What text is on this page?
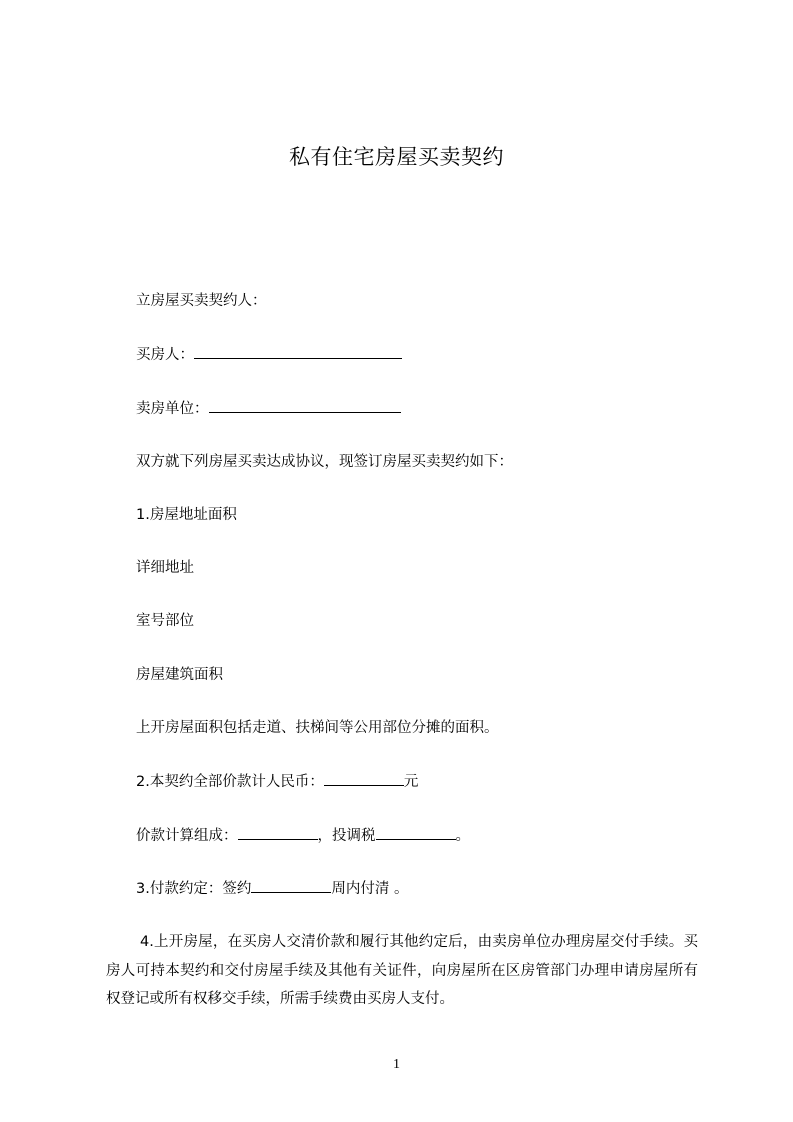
私有住宅房屋买卖契约
立房屋买卖契约人：
买房人：
卖房单位：
双方就下列房屋买卖达成协议，现签订房屋买卖契约如下：
1.房屋地址面积
详细地址
室号部位
房屋建筑面积
上开房屋面积包括走道、扶梯间等公用部位分摊的面积。
2.本契约全部价款计人民币：	元
价款计算组成：	，投调税	。
3.付款约定：签约	周内付清 。
4.上开房屋，在买房人交清价款和履行其他约定后，由卖房单位办理房屋交付手续。买房人可持本契约和交付房屋手续及其他有关证件，向房屋所在区房管部门办理申请房屋所有权登记或所有权移交手续，所需手续费由买房人支付。
1
